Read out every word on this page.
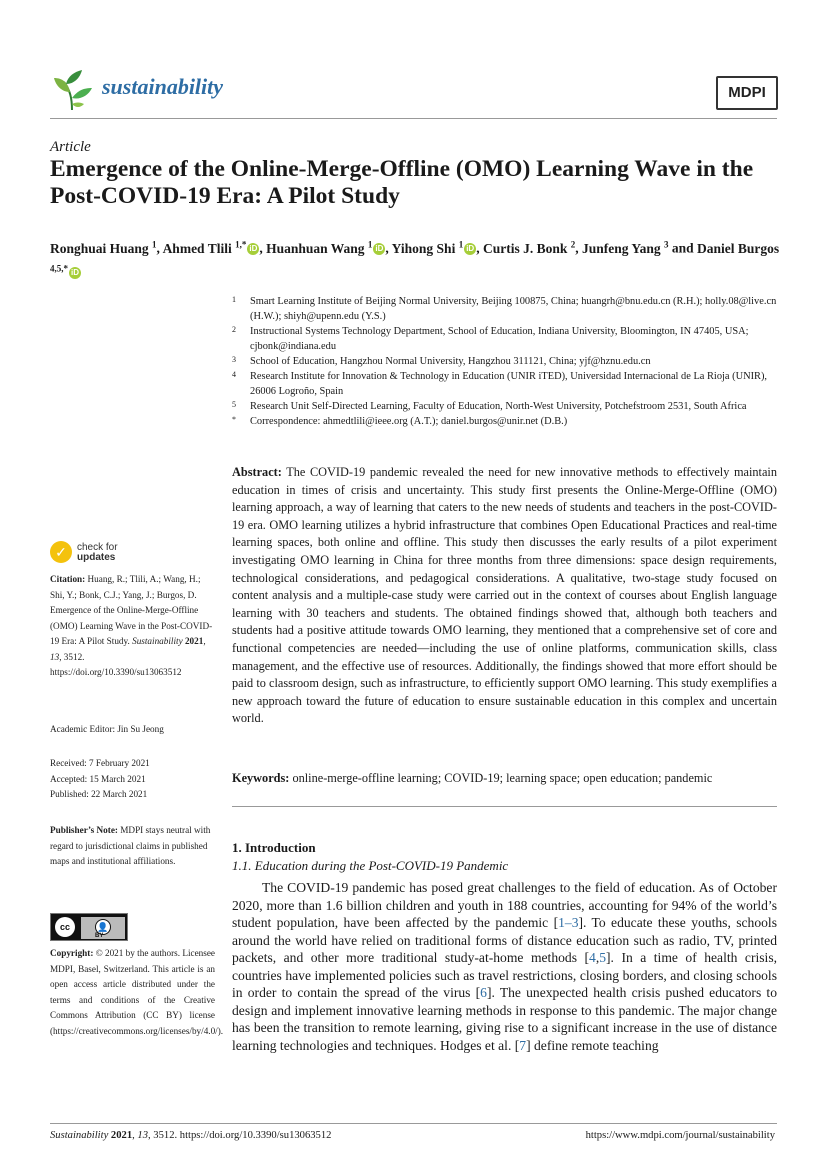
sustainability	MDPI
Article
Emergence of the Online-Merge-Offline (OMO) Learning Wave in the Post-COVID-19 Era: A Pilot Study
Ronghuai Huang $^1$, Ahmed Tlili $^{1,*}$ iD , Huanhuan Wang $^1$ iD , Yihong Shi $^1$ iD , Curtis J. Bonk $^2$, Junfeng Yang $^3$ and Daniel Burgos $^{4,5,*}$ iD
1 Smart Learning Institute of Beijing Normal University, Beijing 100875, China; huangrh@bnu.edu.cn (R.H.); holly.08@live.cn (H.W.); shiyh@upenn.edu (Y.S.)
2 Instructional Systems Technology Department, School of Education, Indiana University, Bloomington, IN 47405, USA; cjbonk@indiana.edu
3 School of Education, Hangzhou Normal University, Hangzhou 311121, China; yjf@hznu.edu.cn
4 Research Institute for Innovation & Technology in Education (UNIR iTED), Universidad Internacional de La Rioja (UNIR), 26006 Logroño, Spain
5 Research Unit Self-Directed Learning, Faculty of Education, North-West University, Potchefstroom 2531, South Africa
* Correspondence: ahmedtlili@ieee.org (A.T.); daniel.burgos@unir.net (D.B.)
Abstract: The COVID-19 pandemic revealed the need for new innovative methods to effectively maintain education in times of crisis and uncertainty. This study first presents the Online-Merge-Offline (OMO) learning approach, a way of learning that caters to the new needs of students and teachers in the post-COVID-19 era. OMO learning utilizes a hybrid infrastructure that combines Open Educational Practices and real-time learning spaces, both online and offline. This study then discusses the early results of a pilot experiment investigating OMO learning in China for three months from three dimensions: space design requirements, technological considerations, and pedagogical considerations. A qualitative, two-stage study focused on content analysis and a multiple-case study were carried out in the context of courses about English language learning with 30 teachers and students. The obtained findings showed that, although both teachers and students had a positive attitude towards OMO learning, they mentioned that a comprehensive set of core and functional competencies are needed—including the use of online platforms, communication skills, class management, and the effective use of resources. Additionally, the findings showed that more effort should be paid to classroom design, such as infrastructure, to efficiently support OMO learning. This study exemplifies a new approach toward the future of education to ensure sustainable education in this complex and uncertain world.
Keywords: online-merge-offline learning; COVID-19; learning space; open education; pandemic
1. Introduction
1.1. Education during the Post-COVID-19 Pandemic
The COVID-19 pandemic has posed great challenges to the field of education. As of October 2020, more than 1.6 billion children and youth in 188 countries, accounting for 94% of the world’s student population, have been affected by the pandemic [1–3]. To educate these youths, schools around the world have relied on traditional forms of distance education such as radio, TV, printed packets, and other more traditional study-at-home methods [4,5]. In a time of health crisis, countries have implemented policies such as travel restrictions, closing borders, and closing schools in order to contain the spread of the virus [6]. The unexpected health crisis pushed educators to design and implement innovative learning methods in response to this pandemic. The major change has been the transition to remote learning, giving rise to a significant increase in the use of distance learning technologies and techniques. Hodges et al. [7] define remote teaching
✓	check for
updates
Citation: Huang, R.; Tlili, A.; Wang, H.; Shi, Y.; Bonk, C.J.; Yang, J.; Burgos, D. Emergence of the Online-Merge-Offline (OMO) Learning Wave in the Post-COVID-19 Era: A Pilot Study. Sustainability 2021, 13, 3512. https://doi.org/10.3390/su13063512
Academic Editor: Jin Su Jeong
Received: 7 February 2021
Accepted: 15 March 2021
Published: 22 March 2021
Publisher’s Note: MDPI stays neutral with regard to jurisdictional claims in published maps and institutional affiliations.
cc	👤
BY
Copyright: © 2021 by the authors. Licensee MDPI, Basel, Switzerland. This article is an open access article distributed under the terms and conditions of the Creative Commons Attribution (CC BY) license (https://creativecommons.org/licenses/by/4.0/).
Sustainability 2021, 13, 3512. https://doi.org/10.3390/su13063512	https://www.mdpi.com/journal/sustainability
